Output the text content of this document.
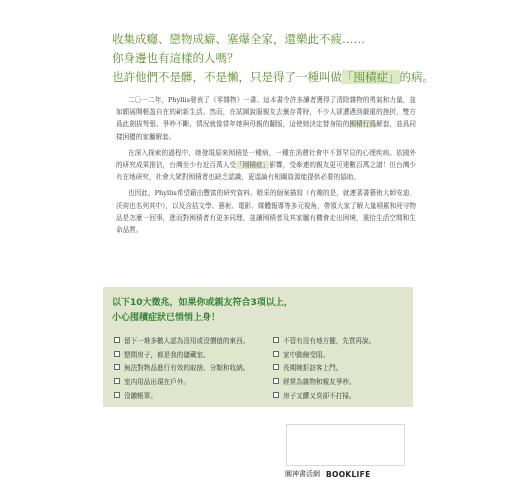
收集成癮、戀物成癖、塞爆全家，還樂此不疲……
你身邊也有這樣的人嗎？
也許他們不是髒，不是懶，只是得了一種叫做「囤積症」的病。

二〇一二年，Phyllis發表了《零雜物》一書。這本書令許多讀者獲得了清除雜物的勇氣和力量，並如願展開輕盈自在的嶄新生活。然而，在試圖說服親友去蕪存菁時，不少人卻遭遇到嚴重的挫折，雙方爲此劍拔弩張、爭吵不斷，情況就像當年她與母親的翻版，這使她決定替身陷的囤積行爲解套，並爲同樣困擾的家屬解套。

在深入探索的過程中，她發現原來囤積是一種病，一種在消費社會中不算罕見的心理疾病。依國外的研究成果推估，台灣至少有近百萬人受「囤積症」影響，受牽連的親友更可達數百萬之譜！但台灣少有在地研究，社會大眾對囤積者也缺乏認識，更遑論有相關資源能提供必要的協助。

也因此，Phyllis希望藉由豐富的研究資料、精采的個案描寫（有趣的是，就連著書藝術大師安迪．沃荷也名列其中），以及含括文學、藝術、電影、媒體報導等多元視角，帶領大家了解大量積累和死守物品是怎麼一回事，進而對囤積者有更多同理，並讓囤積者及其家屬有機會走出困境，重拾生活空間和生命品質。

以下10大徵兆，如果你或親友符合3項以上，
小心囤積症狀已悄悄上身！
留下一堆多數人認為沒用或沒價值的東西。
整間房子，都是我的儲藏室。
無法對物品進行有效的取捨、分類和收納。
室內用品出現在戶外。
沒繳帳單。
不管有沒有地方擺，先買再說。
家中動線受阻。
長期婉拒訪客上門。
經常為雜物和親友爭吵。
房子又髒又臭卻不打掃。
圓神書活網 BOOKLIFE
